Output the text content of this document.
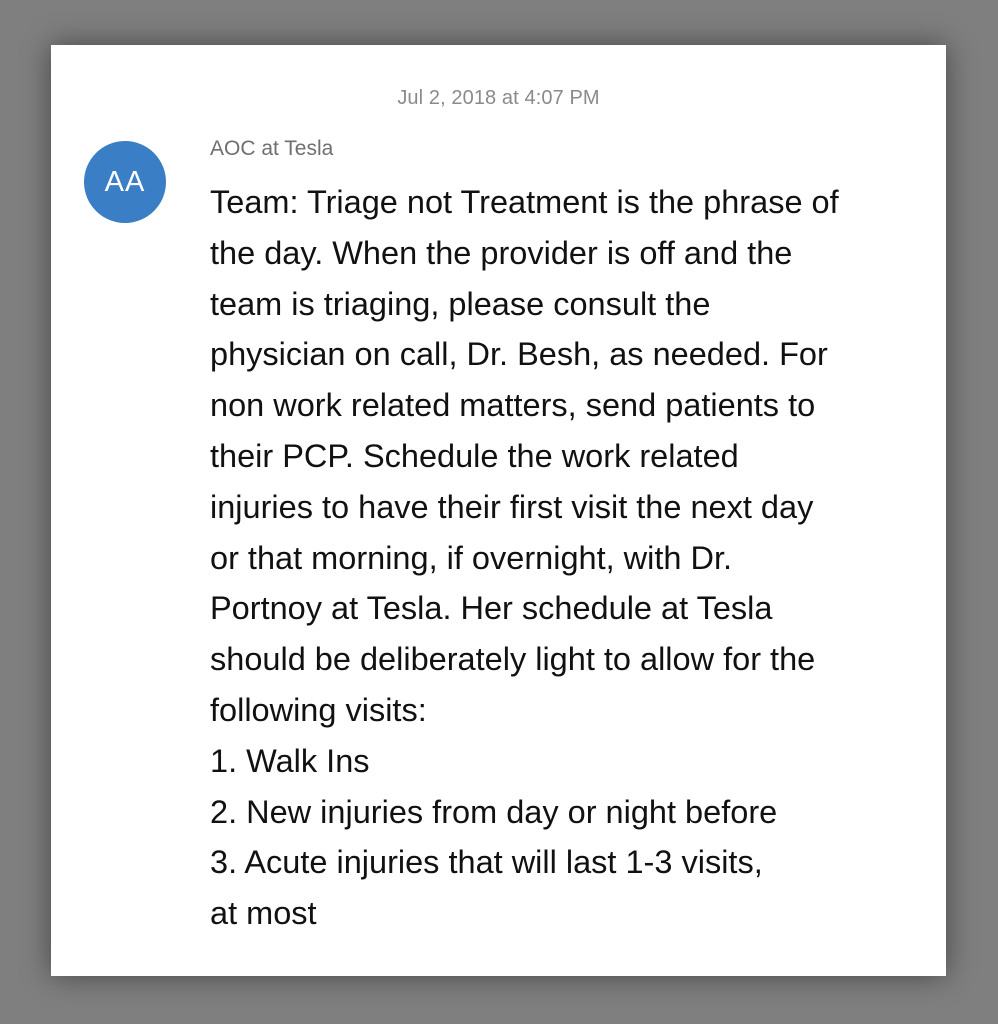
Jul 2, 2018 at 4:07 PM
AA
AOC at Tesla
Team: Triage not Treatment is the phrase of
the day. When the provider is off and the
team is triaging, please consult the
physician on call, Dr. Besh, as needed. For
non work related matters, send patients to
their PCP. Schedule the work related
injuries to have their first visit the next day
or that morning, if overnight, with Dr.
Portnoy at Tesla. Her schedule at Tesla
should be deliberately light to allow for the
following visits:
1. Walk Ins
2. New injuries from day or night before
3. Acute injuries that will last 1-3 visits,
at most
